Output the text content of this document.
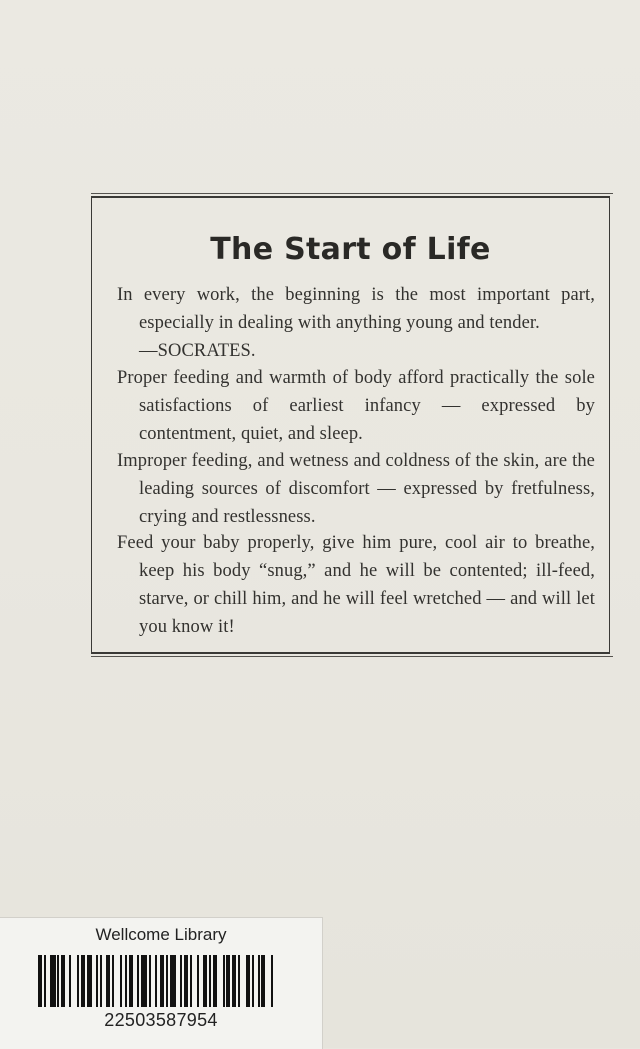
The Start of Life
In every work, the beginning is the most important part, especially in dealing with anything young and tender.
—SOCRATES.
Proper feeding and warmth of body afford practically the sole satisfactions of earliest infancy — expressed by contentment, quiet, and sleep.
Improper feeding, and wetness and coldness of the skin, are the leading sources of discomfort — expressed by fretfulness, crying and restlessness.
Feed your baby properly, give him pure, cool air to breathe, keep his body “snug,” and he will be contented; ill-feed, starve, or chill him, and he will feel wretched — and will let you know it!
Wellcome Library
22503587954
